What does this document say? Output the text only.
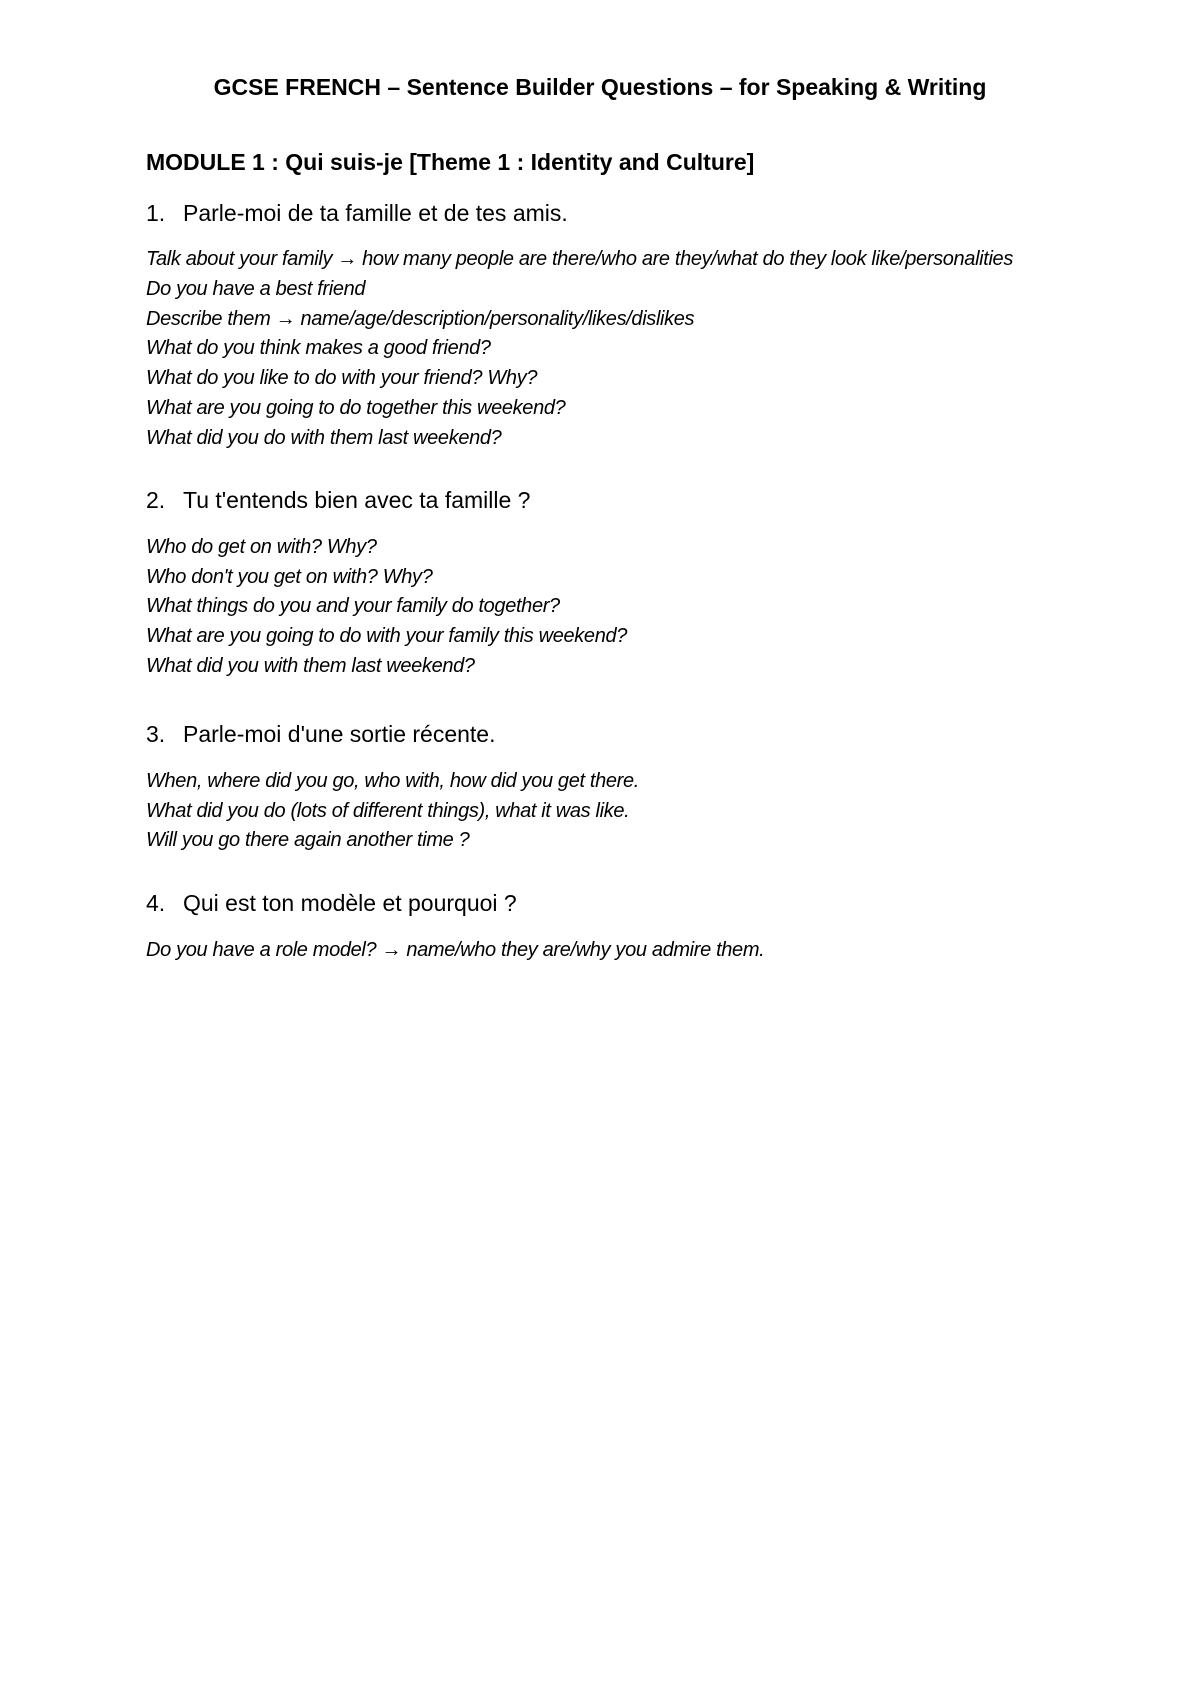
GCSE FRENCH – Sentence Builder Questions – for Speaking & Writing
MODULE 1 : Qui suis-je [Theme 1 : Identity and Culture]
1. Parle-moi de ta famille et de tes amis.
Talk about your family → how many people are there/who are they/what do they look like/personalities
Do you have a best friend
Describe them → name/age/description/personality/likes/dislikes
What do you think makes a good friend?
What do you like to do with your friend? Why?
What are you going to do together this weekend?
What did you do with them last weekend?
2. Tu t'entends bien avec ta famille ?
Who do get on with? Why?
Who don't you get on with? Why?
What things do you and your family do together?
What are you going to do with your family this weekend?
What did you with them last weekend?
3. Parle-moi d'une sortie récente.
When, where did you go, who with, how did you get there.
What did you do (lots of different things), what it was like.
Will you go there again another time ?
4. Qui est ton modèle et pourquoi ?
Do you have a role model? → name/who they are/why you admire them.
